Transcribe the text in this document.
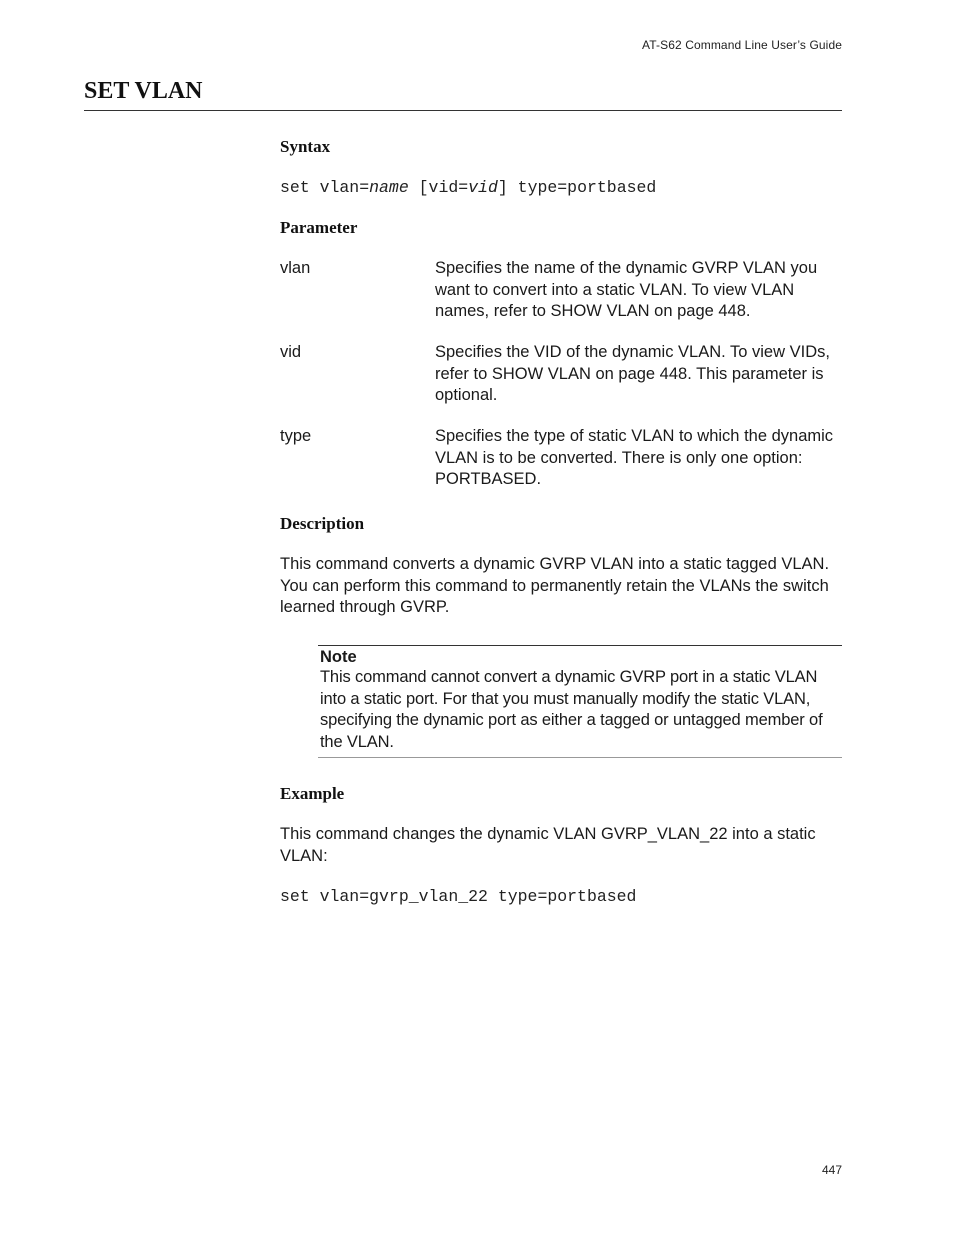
AT-S62 Command Line User’s Guide
SET VLAN
Syntax
set vlan=name [vid=vid] type=portbased
Parameter
vlan	Specifies the name of the dynamic GVRP VLAN you want to convert into a static VLAN. To view VLAN names, refer to SHOW VLAN on page 448.
vid	Specifies the VID of the dynamic VLAN. To view VIDs, refer to SHOW VLAN on page 448. This parameter is optional.
type	Specifies the type of static VLAN to which the dynamic VLAN is to be converted. There is only one option: PORTBASED.
Description
This command converts a dynamic GVRP VLAN into a static tagged VLAN. You can perform this command to permanently retain the VLANs the switch learned through GVRP.
Note
This command cannot convert a dynamic GVRP port in a static VLAN into a static port. For that you must manually modify the static VLAN, specifying the dynamic port as either a tagged or untagged member of the VLAN.
Example
This command changes the dynamic VLAN GVRP_VLAN_22 into a static VLAN:
set vlan=gvrp_vlan_22 type=portbased
447
